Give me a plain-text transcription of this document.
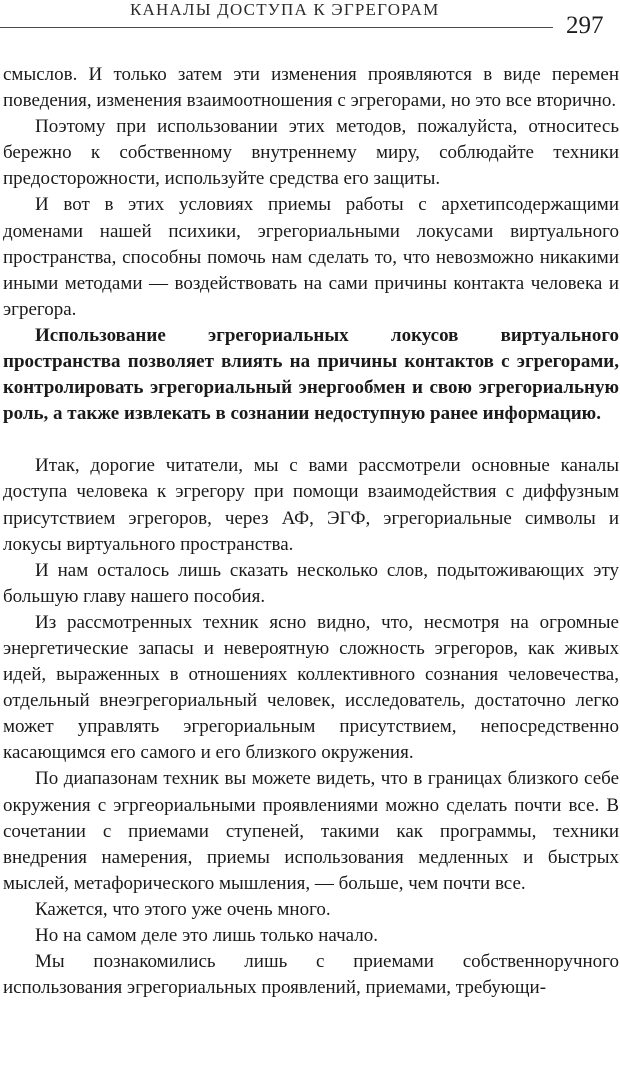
КАНАЛЫ ДОСТУПА К ЭГРЕГОРАМ
297

смыслов. И только затем эти изменения проявляются в виде перемен поведения, изменения взаимоотношения с эгрегорами, но это все вторично.

Поэтому при использовании этих методов, пожалуйста, относитесь бережно к собственному внутреннему миру, соблюдайте техники предосторожности, используйте средства его защиты.

И вот в этих условиях приемы работы с архетипсодержащими доменами нашей психики, эгрегориальными локусами виртуального пространства, способны помочь нам сделать то, что невозможно никакими иными методами — воздействовать на сами причины контакта человека и эгрегора.

Использование эгрегориальных локусов виртуального пространства позволяет влиять на причины контактов с эгрегорами, контролировать эгрегориальный энергообмен и свою эгрегориальную роль, а также извлекать в сознании недоступную ранее информацию.

Итак, дорогие читатели, мы с вами рассмотрели основные каналы доступа человека к эгрегору при помощи взаимодействия с диффузным присутствием эгрегоров, через АФ, ЭГФ, эгрегориальные символы и локусы виртуального пространства.

И нам осталось лишь сказать несколько слов, подытоживающих эту большую главу нашего пособия.

Из рассмотренных техник ясно видно, что, несмотря на огромные энергетические запасы и невероятную сложность эгрегоров, как живых идей, выраженных в отношениях коллективного сознания человечества, отдельный внеэгрегориальный человек, исследователь, достаточно легко может управлять эгрегориальным присутствием, непосредственно касающимся его самого и его близкого окружения.

По диапазонам техник вы можете видеть, что в границах близкого себе окружения с эгргеориальными проявлениями можно сделать почти все. В сочетании с приемами ступеней, такими как программы, техники внедрения намерения, приемы использования медленных и быстрых мыслей, метафорического мышления, — больше, чем почти все.

Кажется, что этого уже очень много.

Но на самом деле это лишь только начало.

Мы познакомились лишь с приемами собственноручного использования эгрегориальных проявлений, приемами, требующи-
